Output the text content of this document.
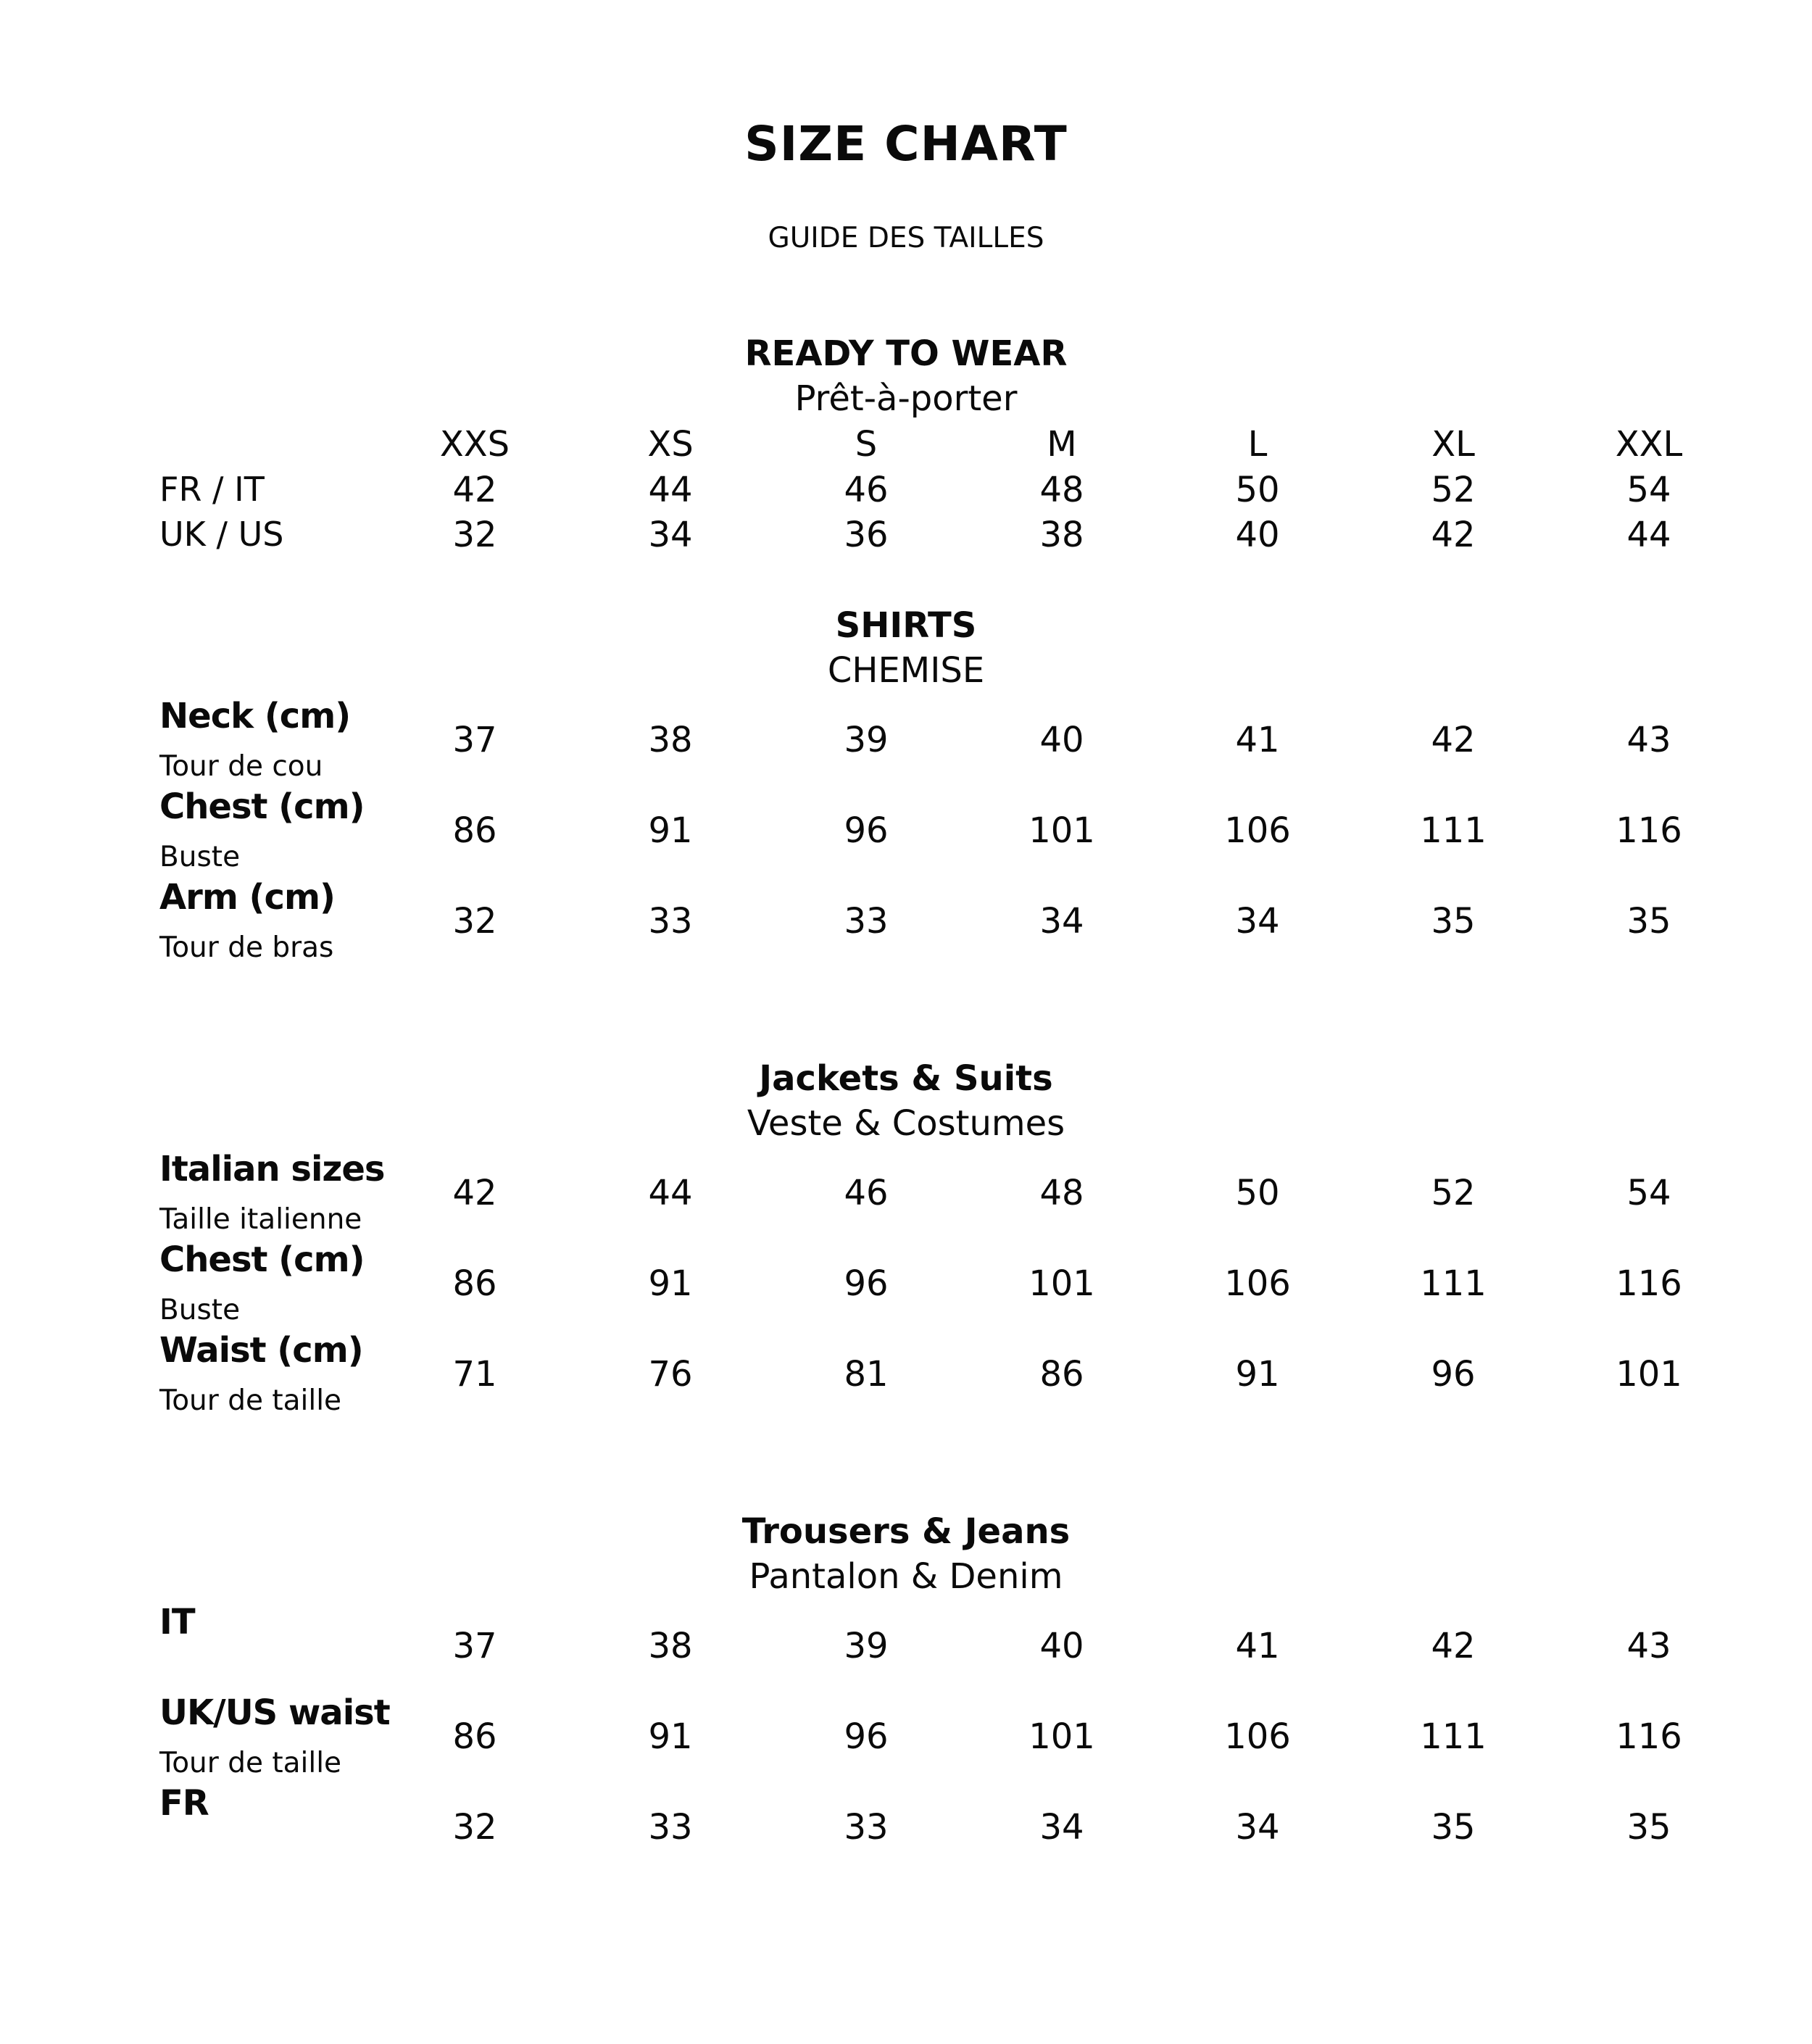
SIZE CHART
GUIDE DES TAILLES
READY TO WEAR
Prêt-à-porter
XXS	XS	S	M	L	XL	XXL
FR / IT	42	44	46	48	50	52	54
UK / US	32	34	36	38	40	42	44
SHIRTS
CHEMISE
Neck (cm)
Tour de cou
37	38	39	40	41	42	43
Chest (cm)
Buste
86	91	96	101	106	111	116
Arm (cm)
Tour de bras
32	33	33	34	34	35	35
Jackets & Suits
Veste & Costumes
Italian sizes
Taille italienne
42	44	46	48	50	52	54
Chest (cm)
Buste
86	91	96	101	106	111	116
Waist (cm)
Tour de taille
71	76	81	86	91	96	101
Trousers & Jeans
Pantalon & Denim
IT
37	38	39	40	41	42	43
UK/US waist
Tour de taille
86	91	96	101	106	111	116
FR
32	33	33	34	34	35	35
